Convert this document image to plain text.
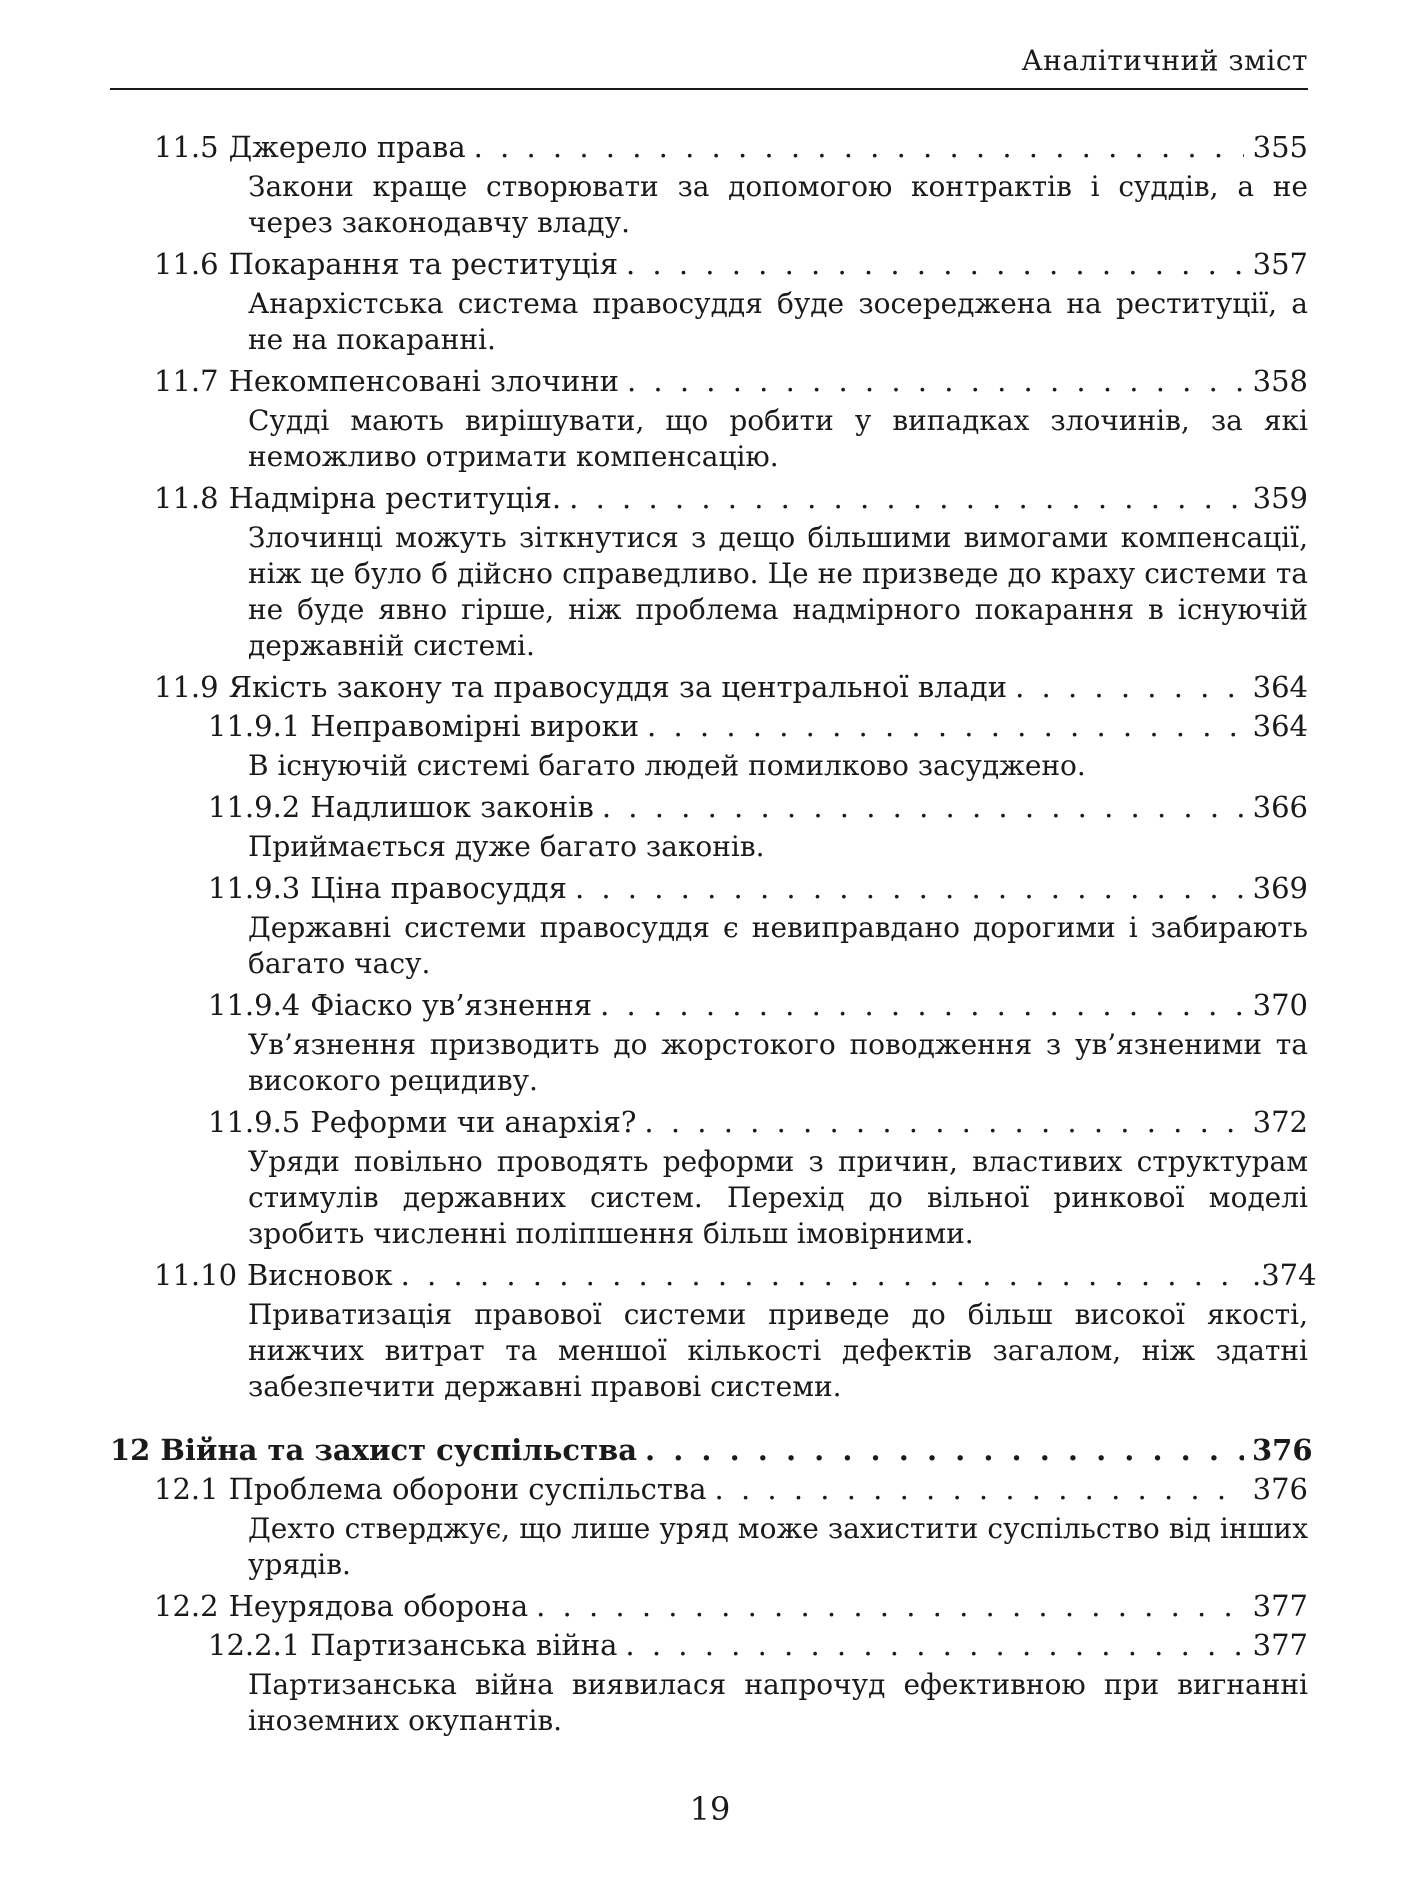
Аналітичний зміст
11.5 Джерело права . . .	355
Закони краще створювати за допомогою контрактів і суддів, а не через законодавчу владу.
11.6 Покарання та реституція . . .	357
Анархістська система правосуддя буде зосереджена на реституції, а не на покаранні.
11.7 Некомпенсовані злочини . . .	358
Судді мають вирішувати, що робити у випадках злочинів, за які неможливо отримати компенсацію.
11.8 Надмірна реституція. . . .	359
Злочинці можуть зіткнутися з дещо більшими вимогами компенсації, ніж це було б дійсно справедливо. Це не призведе до краху системи та не буде явно гірше, ніж проблема надмірного покарання в існуючій державній системі.
11.9 Якість закону та правосуддя за центральної влади . . .	364
11.9.1 Неправомірні вироки . . .	364
В існуючій системі багато людей помилково засуджено.
11.9.2 Надлишок законів . . .	366
Приймається дуже багато законів.
11.9.3 Ціна правосуддя . . .	369
Державні системи правосуддя є невиправдано дорогими і забирають багато часу.
11.9.4 Фіаско ув’язнення . . .	370
Ув’язнення призводить до жорстокого поводження з ув’язненими та високого рецидиву.
11.9.5 Реформи чи анархія? . . .	372
Уряди повільно проводять реформи з причин, властивих структурам стимулів державних систем. Перехід до вільної ринкової моделі зробить численні поліпшення більш імовірними.
11.10 Висновок . . .	.374
Приватизація правової системи приведе до більш високої якості, нижчих витрат та меншої кількості дефектів загалом, ніж здатні забезпечити державні правові системи.
12 Війна та захист суспільства . . .	376
12.1 Проблема оборони суспільства . . .	376
Дехто стверджує, що лише уряд може захистити суспільство від інших урядів.
12.2 Неурядова оборона . . .	377
12.2.1 Партизанська війна . . .	377
Партизанська війна виявилася напрочуд ефективною при вигнанні іноземних окупантів.
19
